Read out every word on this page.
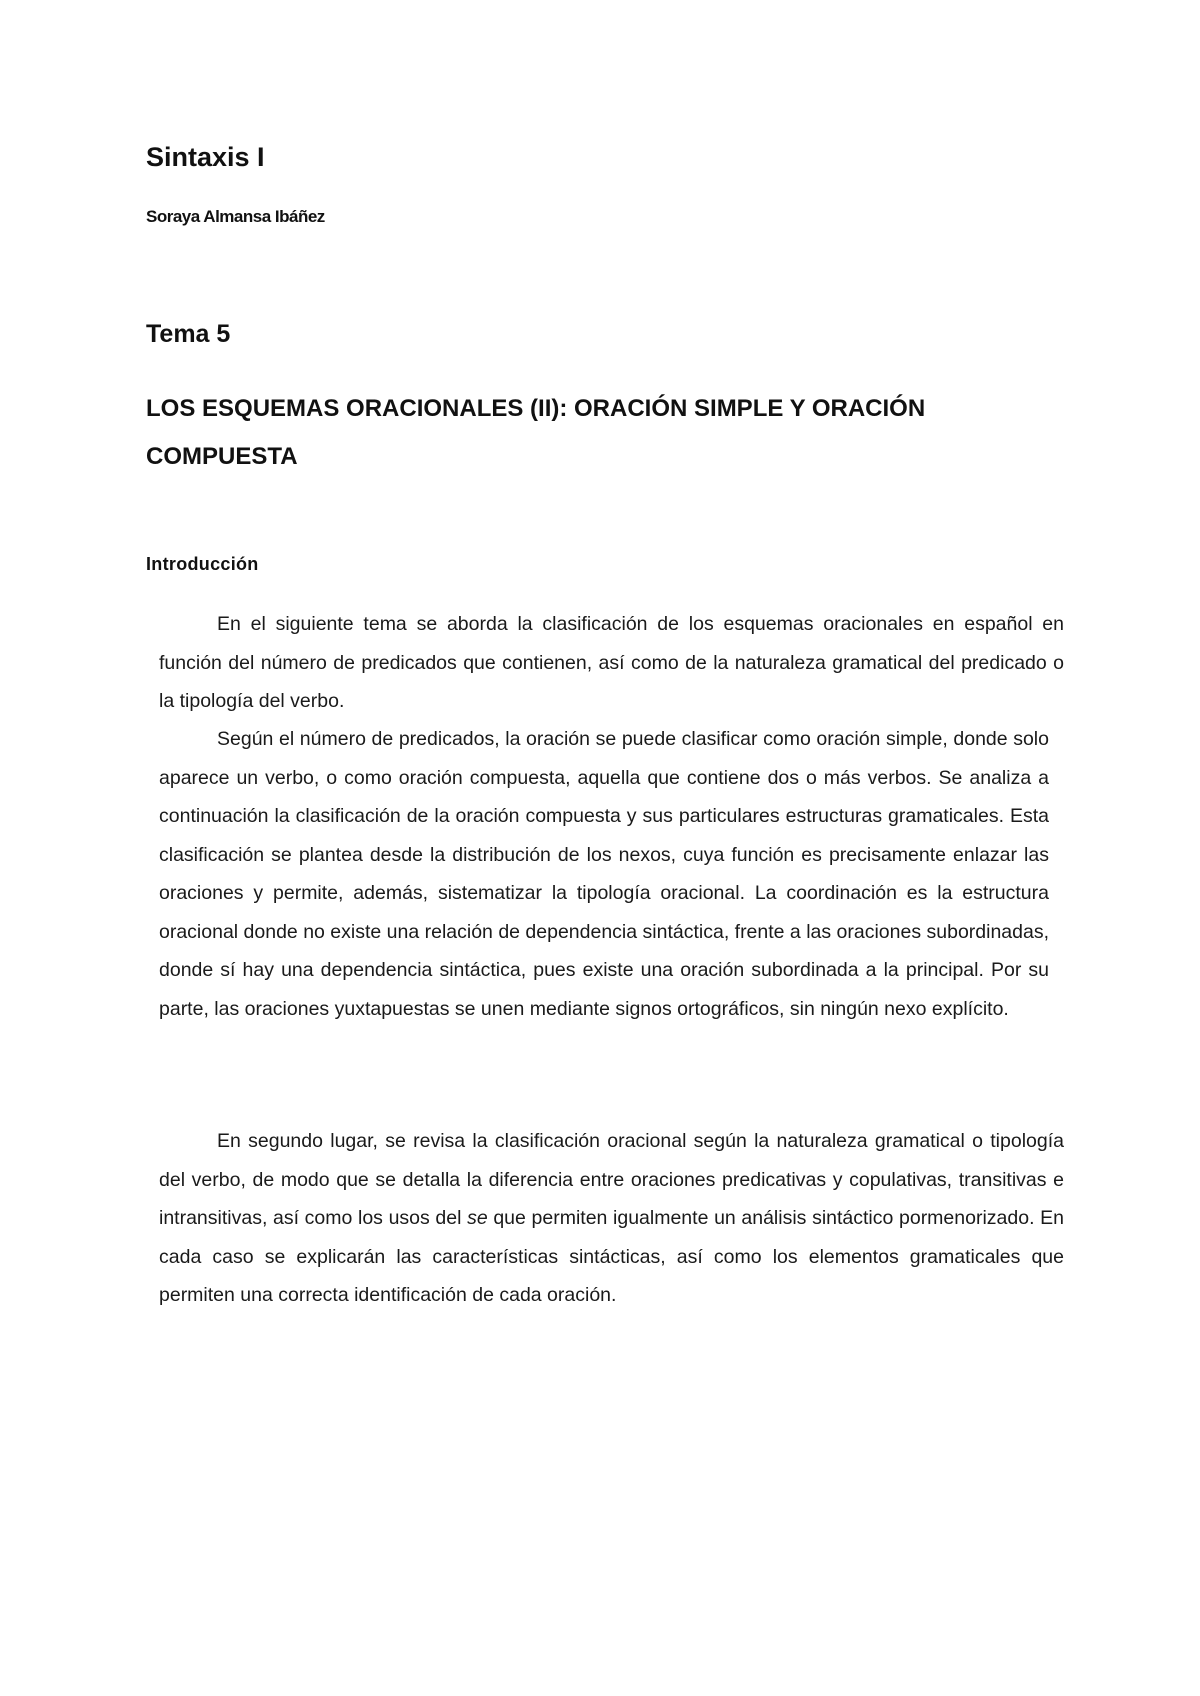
Sintaxis I

Soraya Almansa Ibáñez

Tema 5
LOS ESQUEMAS ORACIONALES (II): ORACIÓN SIMPLE Y ORACIÓN COMPUESTA
Introducción

En el siguiente tema se aborda la clasificación de los esquemas oracionales en español en función del número de predicados que contienen, así como de la naturaleza gramatical del predicado o la tipología del verbo.

Según el número de predicados, la oración se puede clasificar como oración simple, donde solo aparece un verbo, o como oración compuesta, aquella que contiene dos o más verbos. Se analiza a continuación la clasificación de la oración compuesta y sus particulares estructuras gramaticales. Esta clasificación se plantea desde la distribución de los nexos, cuya función es precisamente enlazar las oraciones y permite, además, sistematizar la tipología oracional. La coordinación es la estructura oracional donde no existe una relación de dependencia sintáctica, frente a las oraciones subordinadas, donde sí hay una dependencia sintáctica, pues existe una oración subordinada a la principal. Por su parte, las oraciones yuxtapuestas se unen mediante signos ortográficos, sin ningún nexo explícito.

En segundo lugar, se revisa la clasificación oracional según la naturaleza gramatical o tipología del verbo, de modo que se detalla la diferencia entre oraciones predicativas y copulativas, transitivas e intransitivas, así como los usos del se que permiten igualmente un análisis sintáctico pormenorizado. En cada caso se explicarán las características sintácticas, así como los elementos gramaticales que permiten una correcta identificación de cada oración.
